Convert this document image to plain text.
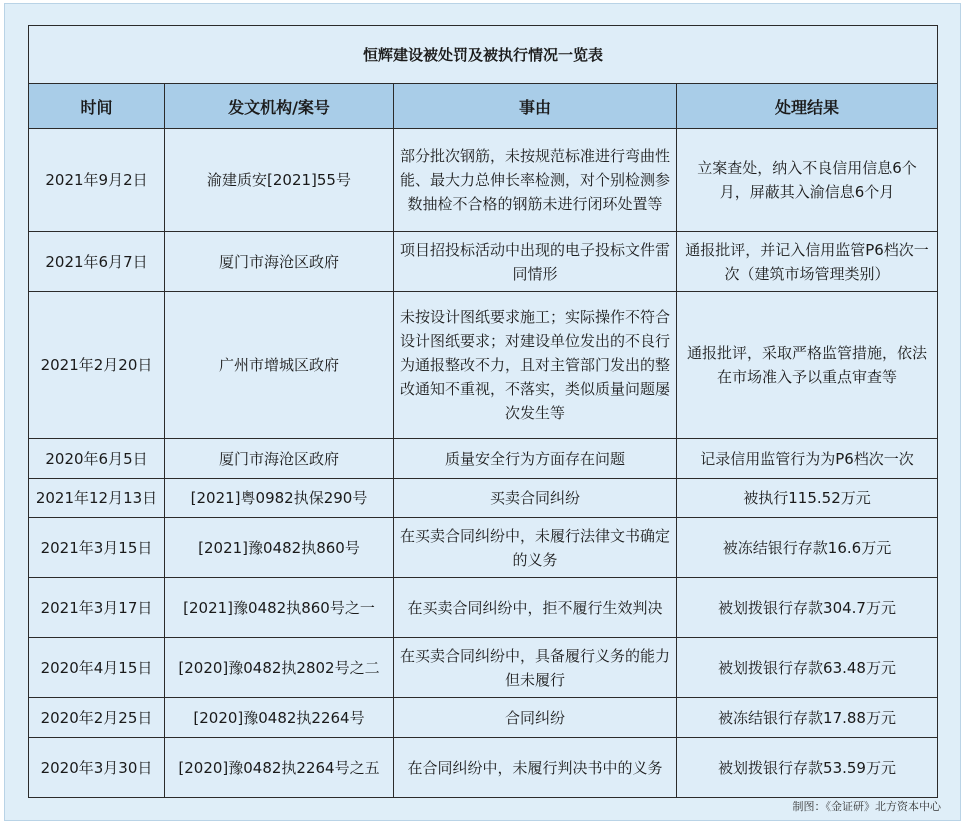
恒辉建设被处罚及被执行情况一览表			
时间	发文机构/案号	事由	处理结果
2021年9月2日	渝建质安[2021]55号	部分批次钢筋，未按规范标准进行弯曲性能、最大力总伸长率检测，对个别检测参数抽检不合格的钢筋未进行闭环处置等	立案查处，纳入不良信用信息6个月，屏蔽其入渝信息6个月
2021年6月7日	厦门市海沧区政府	项目招投标活动中出现的电子投标文件雷同情形	通报批评，并记入信用监管P6档次一次（建筑市场管理类别）
2021年2月20日	广州市增城区政府	未按设计图纸要求施工；实际操作不符合设计图纸要求；对建设单位发出的不良行为通报整改不力，且对主管部门发出的整改通知不重视，不落实，类似质量问题屡次发生等	通报批评，采取严格监管措施，依法在市场准入予以重点审查等
2020年6月5日	厦门市海沧区政府	质量安全行为方面存在问题	记录信用监管行为为P6档次一次
2021年12月13日	[2021]粤0982执保290号	买卖合同纠纷	被执行115.52万元
2021年3月15日	[2021]豫0482执860号	在买卖合同纠纷中，未履行法律文书确定的义务	被冻结银行存款16.6万元
2021年3月17日	[2021]豫0482执860号之一	在买卖合同纠纷中，拒不履行生效判决	被划拨银行存款304.7万元
2020年4月15日	[2020]豫0482执2802号之二	在买卖合同纠纷中，具备履行义务的能力但未履行	被划拨银行存款63.48万元
2020年2月25日	[2020]豫0482执2264号	合同纠纷	被冻结银行存款17.88万元
2020年3月30日	[2020]豫0482执2264号之五	在合同纠纷中，未履行判决书中的义务	被划拨银行存款53.59万元
制图：《金证研》北方资本中心
